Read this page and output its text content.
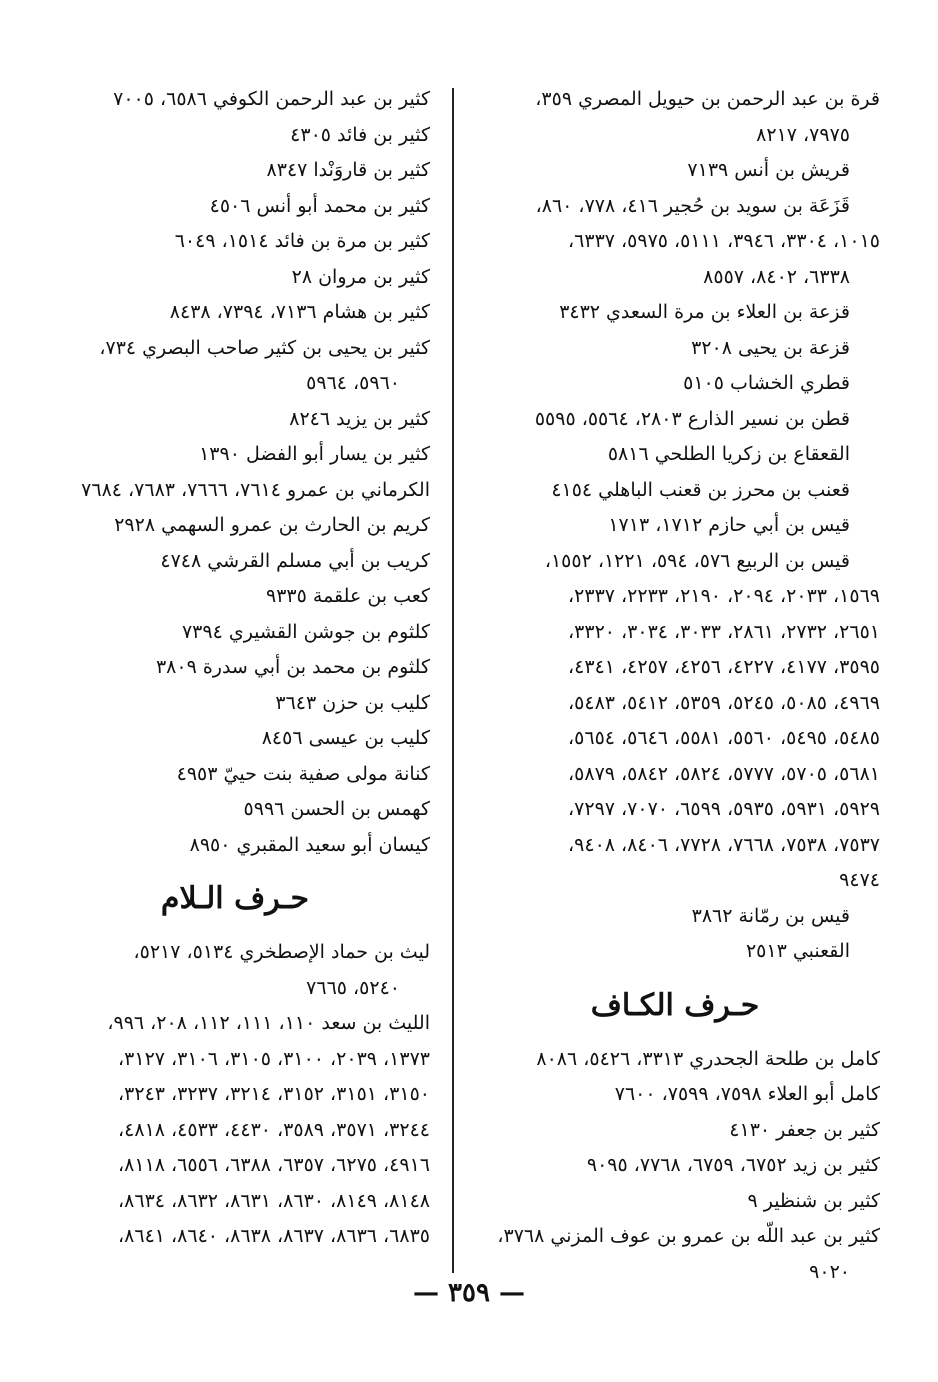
قرة بن عبد الرحمن بن حيويل المصري ٣٥٩،
٧٩٧٥، ٨٢١٧
قريش بن أنس ٧١٣٩
قَزَعَة بن سويد بن حُجير ٤١٦، ٧٧٨، ٨٦٠،
١٠١٥، ٣٣٠٤، ٣٩٤٦، ٥١١١، ٥٩٧٥، ٦٣٣٧،
٦٣٣٨، ٨٤٠٢، ٨٥٥٧
قزعة بن العلاء بن مرة السعدي ٣٤٣٢
قزعة بن يحيى ٣٢٠٨
قطري الخشاب ٥١٠٥
قطن بن نسير الذارع ٢٨٠٣، ٥٥٦٤، ٥٥٩٥
القعقاع بن زكريا الطلحي ٥٨١٦
قعنب بن محرز بن قعنب الباهلي ٤١٥٤
قيس بن أبي حازم ١٧١٢، ١٧١٣
قيس بن الربيع ٥٧٦، ٥٩٤، ١٢٢١، ١٥٥٢،
١٥٦٩، ٢٠٣٣، ٢٠٩٤، ٢١٩٠، ٢٢٣٣، ٢٣٣٧،
٢٦٥١، ٢٧٣٢، ٢٨٦١، ٣٠٣٣، ٣٠٣٤، ٣٣٢٠،
٣٥٩٥، ٤١٧٧، ٤٢٢٧، ٤٢٥٦، ٤٢٥٧، ٤٣٤١،
٤٩٦٩، ٥٠٨٥، ٥٢٤٥، ٥٣٥٩، ٥٤١٢، ٥٤٨٣،
٥٤٨٥، ٥٤٩٥، ٥٥٦٠، ٥٥٨١، ٥٦٤٦، ٥٦٥٤،
٥٦٨١، ٥٧٠٥، ٥٧٧٧، ٥٨٢٤، ٥٨٤٢، ٥٨٧٩،
٥٩٢٩، ٥٩٣١، ٥٩٣٥، ٦٥٩٩، ٧٠٧٠، ٧٢٩٧،
٧٥٣٧، ٧٥٣٨، ٧٦٦٨، ٧٧٢٨، ٨٤٠٦، ٩٤٠٨،
٩٤٧٤
قيس بن رمّانة ٣٨٦٢
القعنبي ٢٥١٣
حـرف الكـاف
كامل بن طلحة الجحدري ٣٣١٣، ٥٤٢٦، ٨٠٨٦
كامل أبو العلاء ٧٥٩٨، ٧٥٩٩، ٧٦٠٠
كثير بن جعفر ٤١٣٠
كثير بن زيد ٦٧٥٢، ٦٧٥٩، ٧٧٦٨، ٩٠٩٥
كثير بن شنظير ٩
كثير بن عبد اللّه بن عمرو بن عوف المزني ٣٧٦٨،
٩٠٢٠
كثير بن عبد الرحمن الكوفي ٦٥٨٦، ٧٠٠٥
كثير بن فائد ٤٣٠٥
كثير بن قاروَنْدا ٨٣٤٧
كثير بن محمد أبو أنس ٤٥٠٦
كثير بن مرة بن فائد ١٥١٤، ٦٠٤٩
كثير بن مروان ٢٨
كثير بن هشام ٧١٣٦، ٧٣٩٤، ٨٤٣٨
كثير بن يحيى بن كثير صاحب البصري ٧٣٤،
٥٩٦٠، ٥٩٦٤
كثير بن يزيد ٨٢٤٦
كثير بن يسار أبو الفضل ١٣٩٠
الكرماني بن عمرو ٧٦١٤، ٧٦٦٦، ٧٦٨٣، ٧٦٨٤
كريم بن الحارث بن عمرو السهمي ٢٩٢٨
كريب بن أبي مسلم القرشي ٤٧٤٨
كعب بن علقمة ٩٣٣٥
كلثوم بن جوشن القشيري ٧٣٩٤
كلثوم بن محمد بن أبي سدرة ٣٨٠٩
كليب بن حزن ٣٦٤٣
كليب بن عيسى ٨٤٥٦
كنانة مولى صفية بنت حييّ ٤٩٥٣
كهمس بن الحسن ٥٩٩٦
كيسان أبو سعيد المقبري ٨٩٥٠
حـرف الـلام
ليث بن حماد الإصطخري ٥١٣٤، ٥٢١٧،
٥٢٤٠، ٧٦٦٥
الليث بن سعد ١١٠، ١١١، ١١٢، ٢٠٨، ٩٩٦،
١٣٧٣، ٢٠٣٩، ٣١٠٠، ٣١٠٥، ٣١٠٦، ٣١٢٧،
٣١٥٠، ٣١٥١، ٣١٥٢، ٣٢١٤، ٣٢٣٧، ٣٢٤٣،
٣٢٤٤، ٣٥٧١، ٣٥٨٩، ٤٤٣٠، ٤٥٣٣، ٤٨١٨،
٤٩١٦، ٦٢٧٥، ٦٣٥٧، ٦٣٨٨، ٦٥٥٦، ٨١١٨،
٨١٤٨، ٨١٤٩، ٨٦٣٠، ٨٦٣١، ٨٦٣٢، ٨٦٣٤،
٦٨٣٥، ٨٦٣٦، ٨٦٣٧، ٨٦٣٨، ٨٦٤٠، ٨٦٤١،
— ٣٥٩ —
